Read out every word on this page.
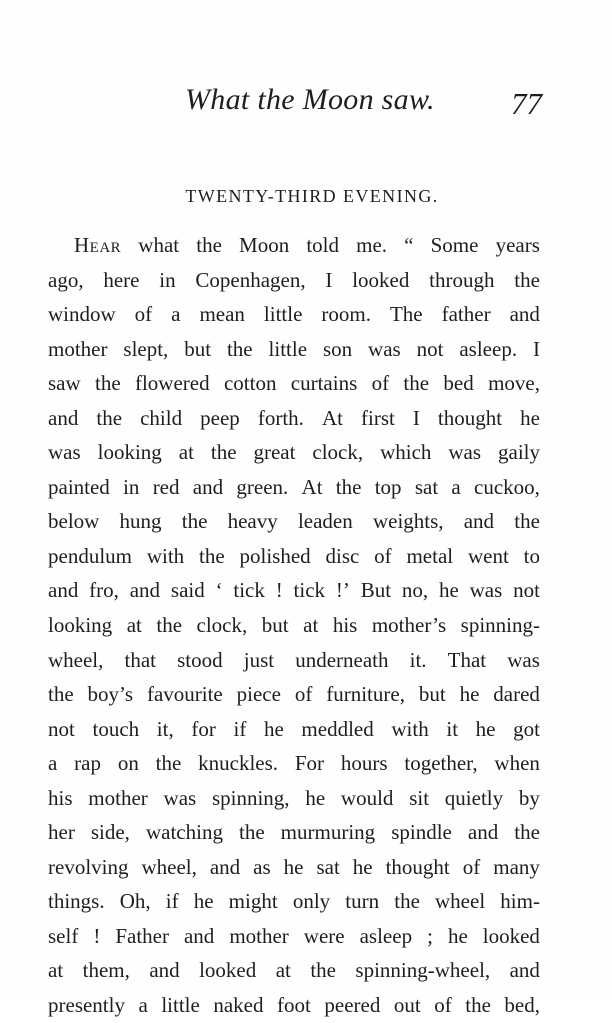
What the Moon saw. 77
TWENTY-THIRD EVENING.
Hear what the Moon told me. “ Some years
ago, here in Copenhagen, I looked through the
window of a mean little room. The father and
mother slept, but the little son was not asleep. I
saw the flowered cotton curtains of the bed move,
and the child peep forth. At first I thought he
was looking at the great clock, which was gaily
painted in red and green. At the top sat a cuckoo,
below hung the heavy leaden weights, and the
pendulum with the polished disc of metal went to
and fro, and said ‘ tick ! tick !’ But no, he was not
looking at the clock, but at his mother’s spinning-
wheel, that stood just underneath it. That was
the boy’s favourite piece of furniture, but he dared
not touch it, for if he meddled with it he got
a rap on the knuckles. For hours together, when
his mother was spinning, he would sit quietly by
her side, watching the murmuring spindle and the
revolving wheel, and as he sat he thought of many
things. Oh, if he might only turn the wheel him-
self ! Father and mother were asleep ; he looked
at them, and looked at the spinning-wheel, and
presently a little naked foot peered out of the bed,
